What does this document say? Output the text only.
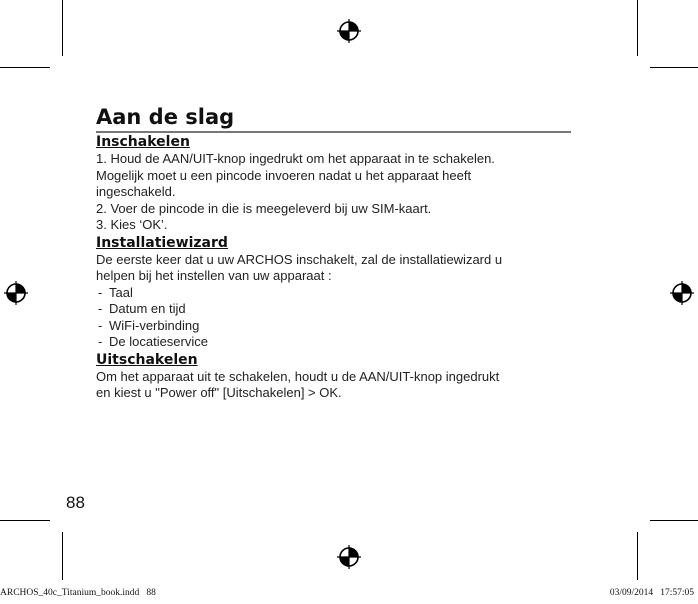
Aan de slag
Inschakelen

1. Houd de AAN/UIT-knop ingedrukt om het apparaat in te schakelen.

Mogelijk moet u een pincode invoeren nadat u het apparaat heeft

ingeschakeld.

2. Voer de pincode in die is meegeleverd bij uw SIM-kaart.

3. Kies ‘OK’.

Installatiewizard

De eerste keer dat u uw ARCHOS inschakelt, zal de installatiewizard u

helpen bij het instellen van uw apparaat :

- Taal
- Datum en tijd
- WiFi-verbinding
- De locatieservice
Uitschakelen

Om het apparaat uit te schakelen, houdt u de AAN/UIT-knop ingedrukt

en kiest u "Power off" [Uitschakelen] > OK.

88
ARCHOS_40c_Titanium_book.indd   88	03/09/2014   17:57:05
